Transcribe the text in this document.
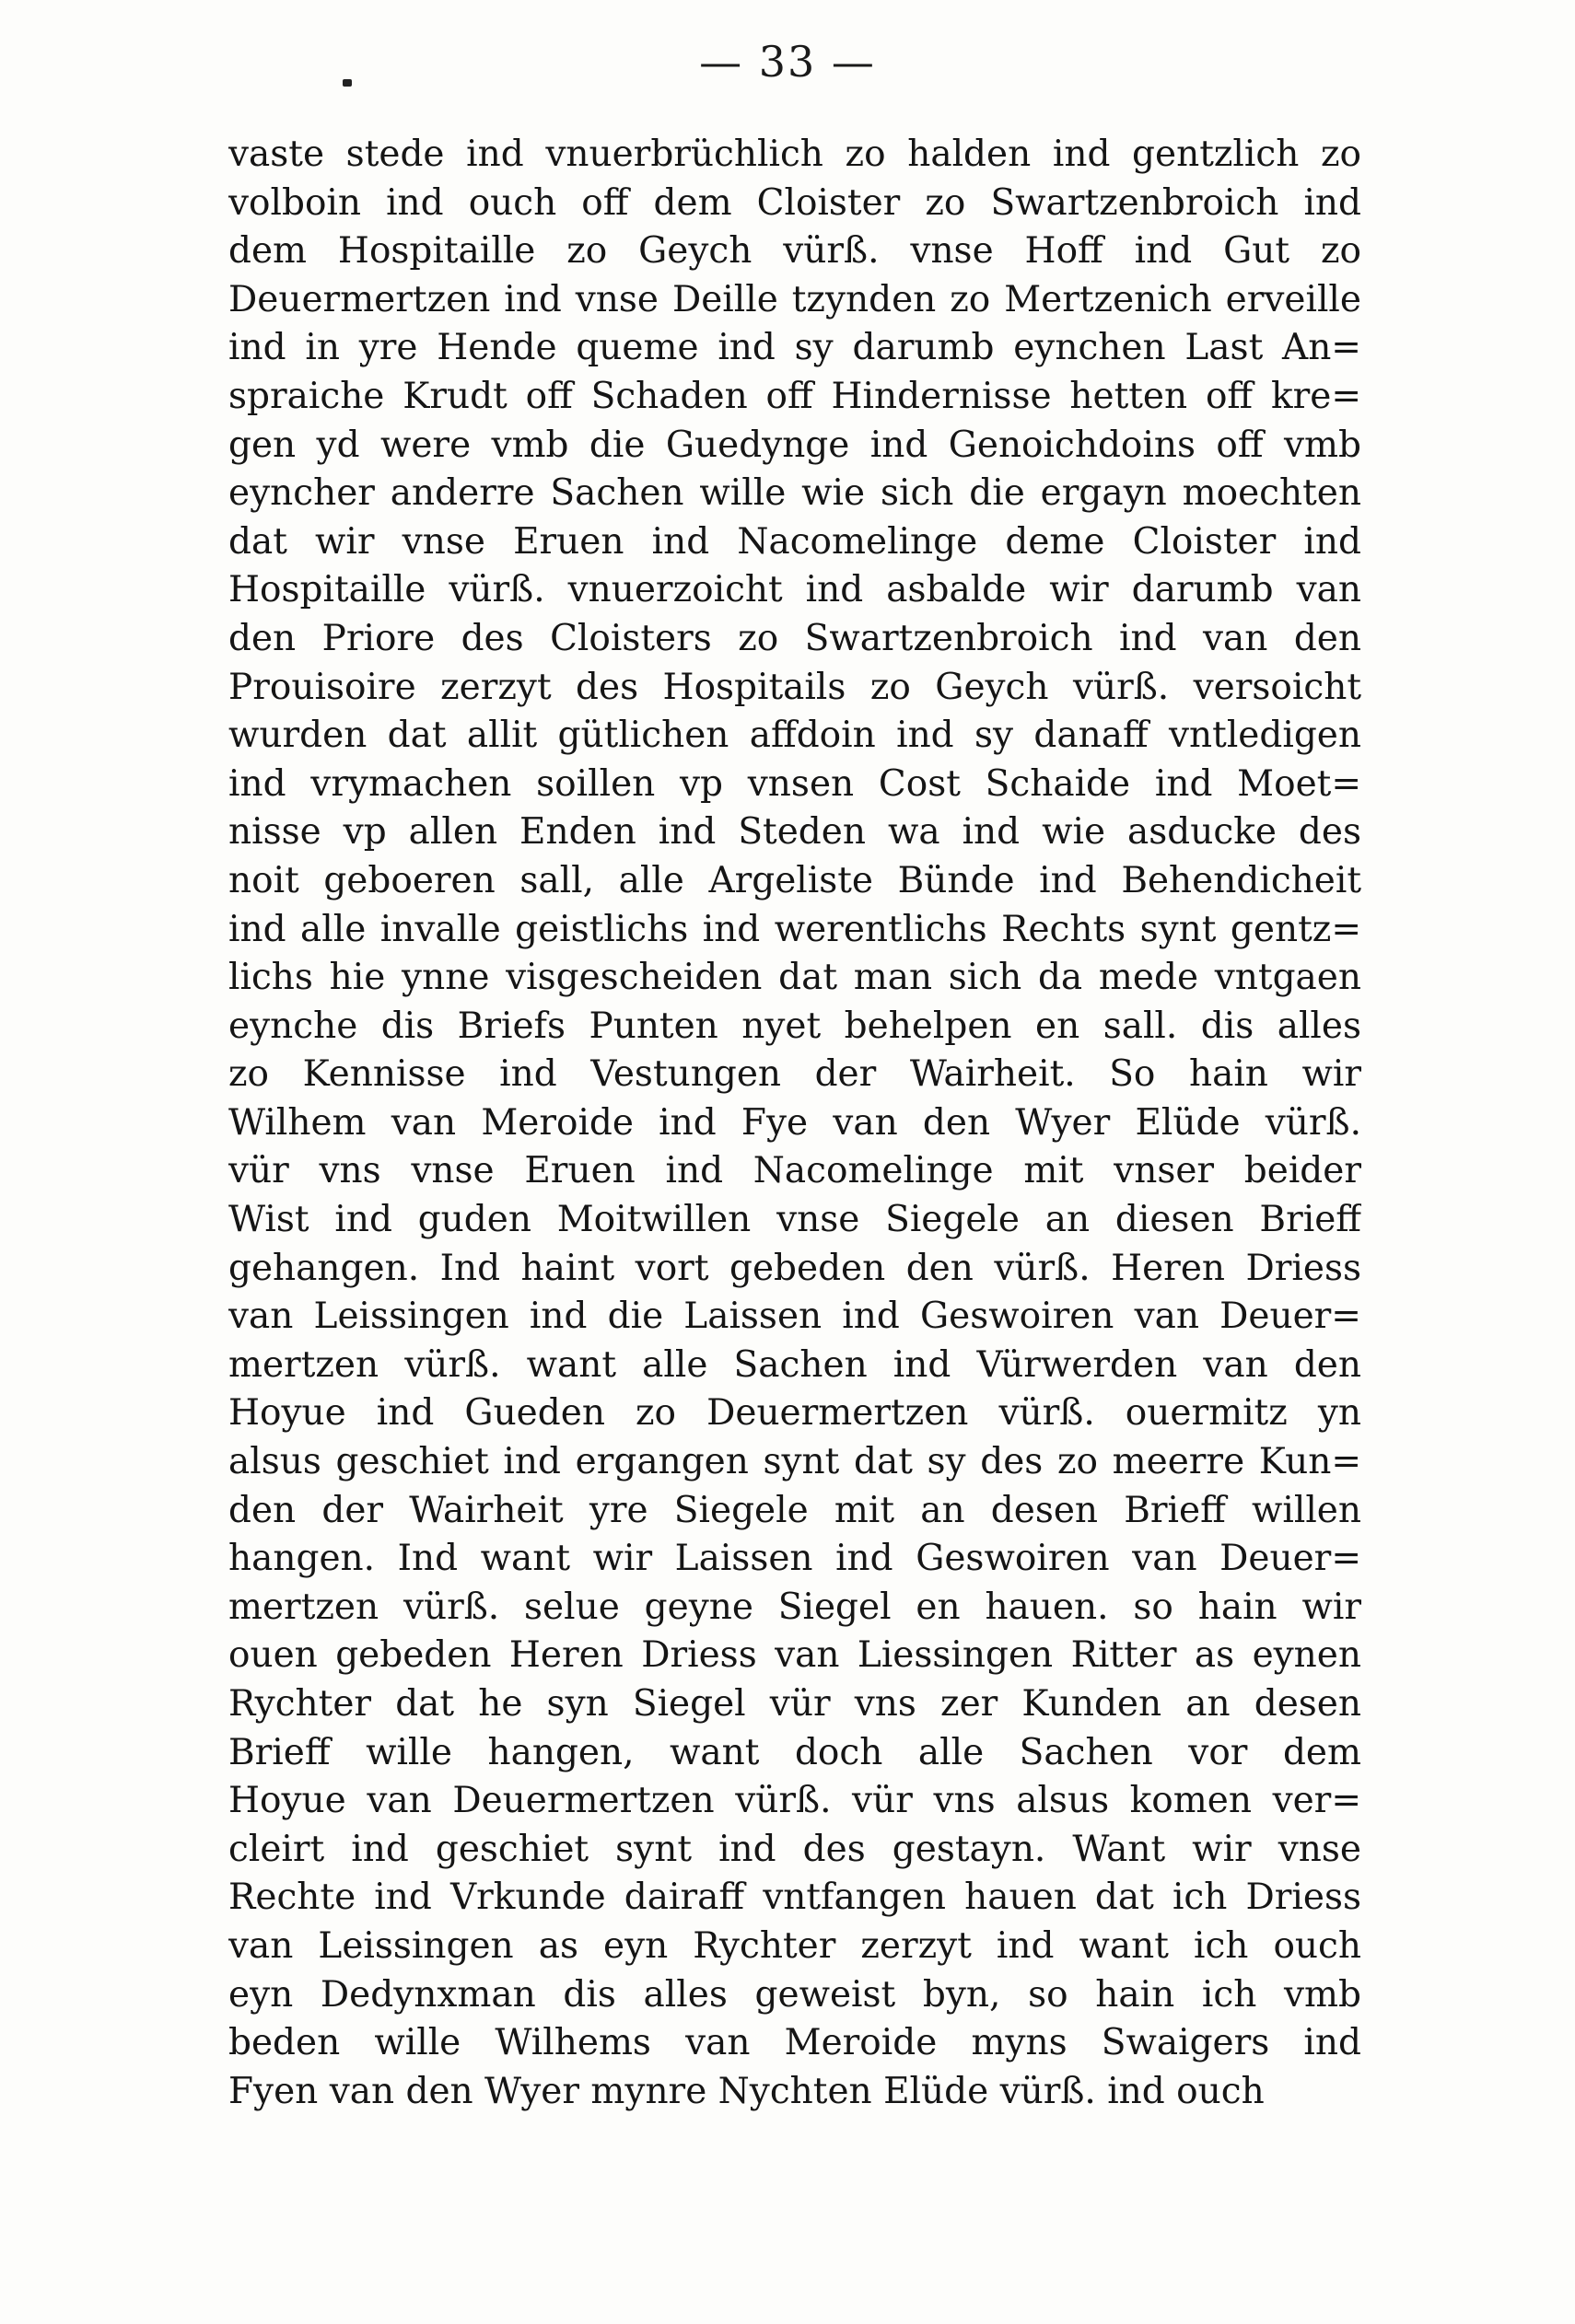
— 33 —
vaste stede ind vnuerbrüchlich zo halden ind gentzlich zo
volboin ind ouch off dem Cloister zo Swartzenbroich ind
dem Hospitaille zo Geych vürß. vnse Hoff ind Gut zo
Deuermertzen ind vnse Deille tzynden zo Mertzenich erveille
ind in yre Hende queme ind sy darumb eynchen Last An=
spraiche Krudt off Schaden off Hindernisse hetten off kre=
gen yd were vmb die Guedynge ind Genoichdoins off vmb
eyncher anderre Sachen wille wie sich die ergayn moechten
dat wir vnse Eruen ind Nacomelinge deme Cloister ind
Hospitaille vürß. vnuerzoicht ind asbalde wir darumb van
den Priore des Cloisters zo Swartzenbroich ind van den
Prouisoire zerzyt des Hospitails zo Geych vürß. versoicht
wurden dat allit gütlichen affdoin ind sy danaff vntledigen
ind vrymachen soillen vp vnsen Cost Schaide ind Moet=
nisse vp allen Enden ind Steden wa ind wie asducke des
noit geboeren sall, alle Argeliste Bünde ind Behendicheit
ind alle invalle geistlichs ind werentlichs Rechts synt gentz=
lichs hie ynne visgescheiden dat man sich da mede vntgaen
eynche dis Briefs Punten nyet behelpen en sall. dis alles
zo Kennisse ind Vestungen der Wairheit. So hain wir
Wilhem van Meroide ind Fye van den Wyer Elüde vürß.
vür vns vnse Eruen ind Nacomelinge mit vnser beider
Wist ind guden Moitwillen vnse Siegele an diesen Brieff
gehangen. Ind haint vort gebeden den vürß. Heren Driess
van Leissingen ind die Laissen ind Geswoiren van Deuer=
mertzen vürß. want alle Sachen ind Vürwerden van den
Hoyue ind Gueden zo Deuermertzen vürß. ouermitz yn
alsus geschiet ind ergangen synt dat sy des zo meerre Kun=
den der Wairheit yre Siegele mit an desen Brieff willen
hangen. Ind want wir Laissen ind Geswoiren van Deuer=
mertzen vürß. selue geyne Siegel en hauen. so hain wir
ouen gebeden Heren Driess van Liessingen Ritter as eynen
Rychter dat he syn Siegel vür vns zer Kunden an desen
Brieff wille hangen, want doch alle Sachen vor dem
Hoyue van Deuermertzen vürß. vür vns alsus komen ver=
cleirt ind geschiet synt ind des gestayn. Want wir vnse
Rechte ind Vrkunde dairaff vntfangen hauen dat ich Driess
van Leissingen as eyn Rychter zerzyt ind want ich ouch
eyn Dedynxman dis alles geweist byn, so hain ich vmb
beden wille Wilhems van Meroide myns Swaigers ind
Fyen van den Wyer mynre Nychten Elüde vürß. ind ouch
